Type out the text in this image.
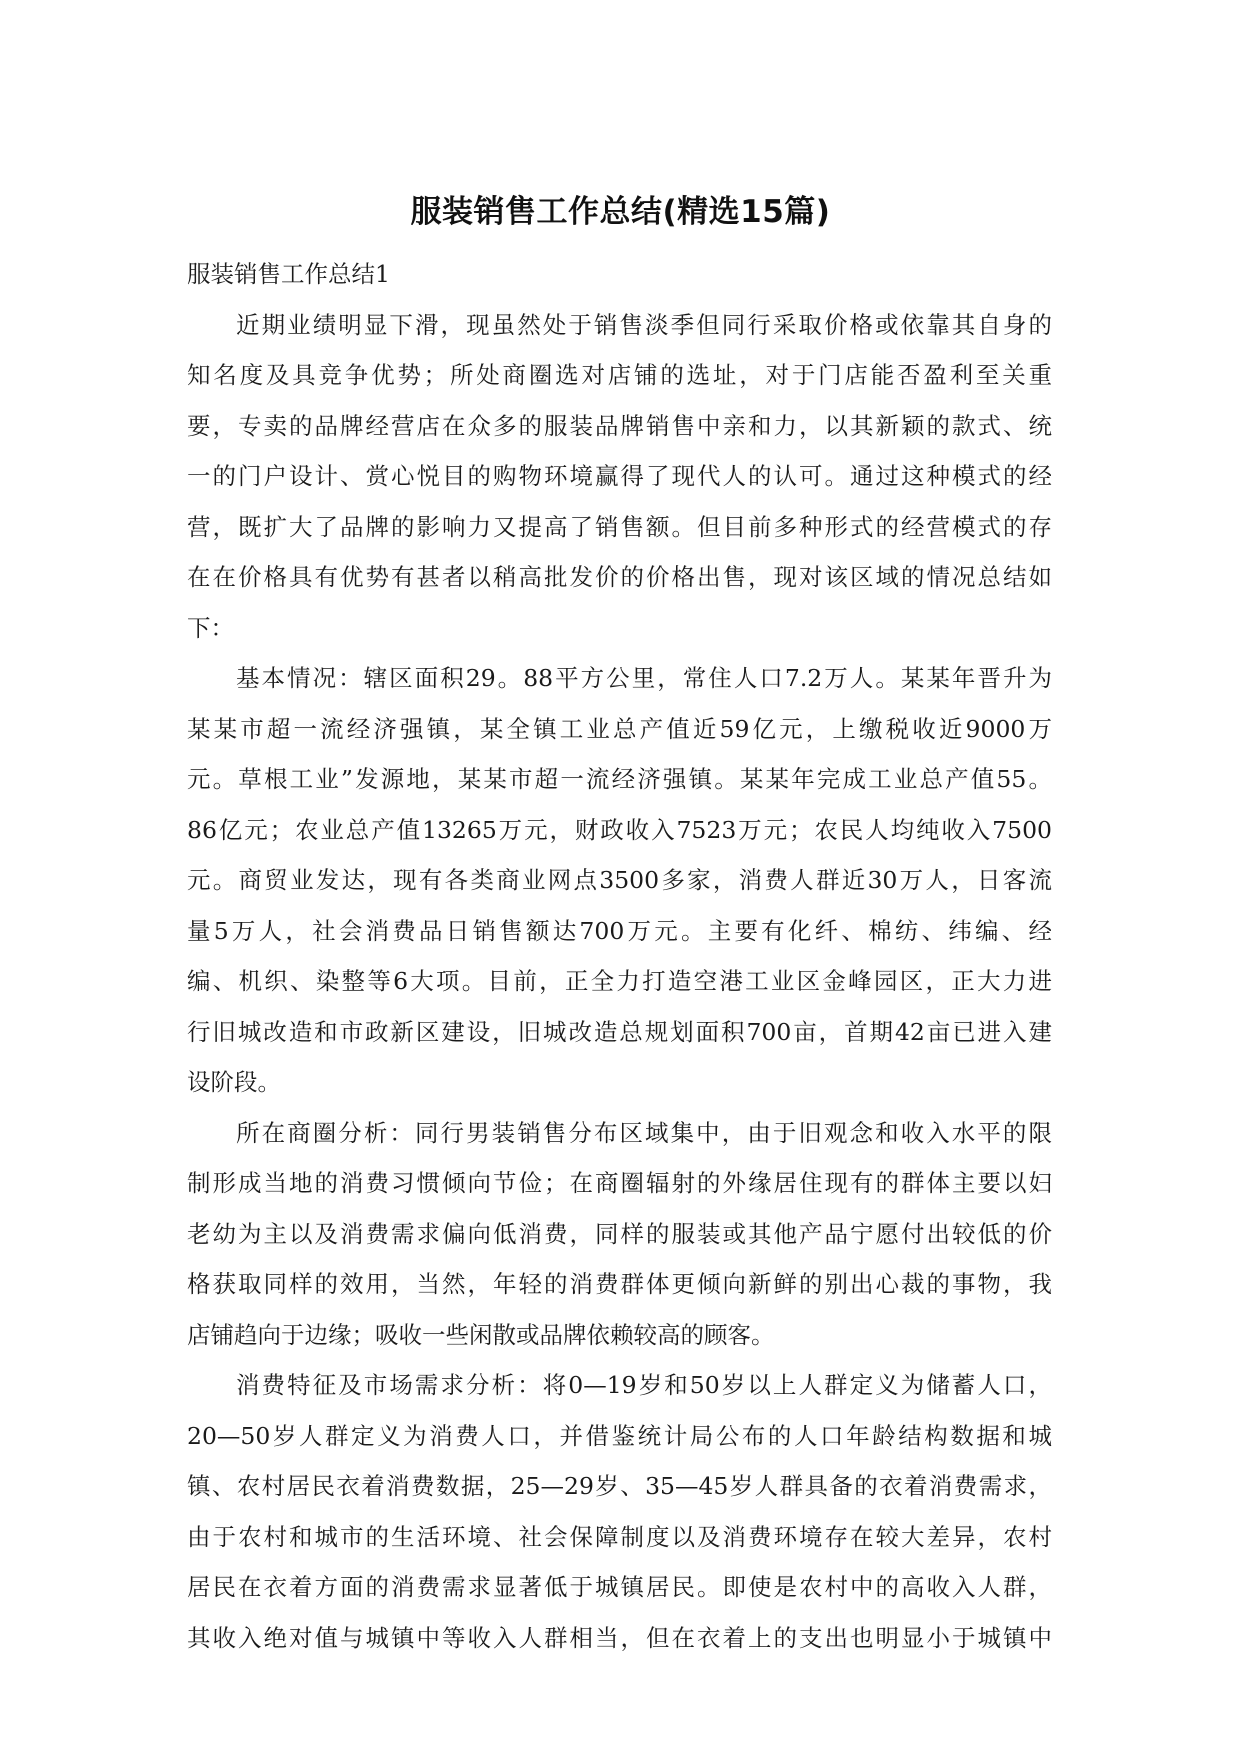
服装销售工作总结(精选15篇)
服装销售工作总结1
近期业绩明显下滑，现虽然处于销售淡季但同行采取价格或依靠其自身的
知名度及具竞争优势；所处商圈选对店铺的选址，对于门店能否盈利至关重
要，专卖的品牌经营店在众多的服装品牌销售中亲和力，以其新颖的款式、统
一的门户设计、赏心悦目的购物环境赢得了现代人的认可。通过这种模式的经
营，既扩大了品牌的影响力又提高了销售额。但目前多种形式的经营模式的存
在在价格具有优势有甚者以稍高批发价的价格出售，现对该区域的情况总结如
下：
基本情况：辖区面积29。88平方公里，常住人口7.2万人。某某年晋升为
某某市超一流经济强镇，某全镇工业总产值近59亿元，上缴税收近9000万
元。草根工业”发源地，某某市超一流经济强镇。某某年完成工业总产值55。
86亿元；农业总产值13265万元，财政收入7523万元；农民人均纯收入7500
元。商贸业发达，现有各类商业网点3500多家，消费人群近30万人，日客流
量5万人，社会消费品日销售额达700万元。主要有化纤、棉纺、纬编、经
编、机织、染整等6大项。目前，正全力打造空港工业区金峰园区，正大力进
行旧城改造和市政新区建设，旧城改造总规划面积700亩，首期42亩已进入建
设阶段。
所在商圈分析：同行男装销售分布区域集中，由于旧观念和收入水平的限
制形成当地的消费习惯倾向节俭；在商圈辐射的外缘居住现有的群体主要以妇
老幼为主以及消费需求偏向低消费，同样的服装或其他产品宁愿付出较低的价
格获取同样的效用，当然，年轻的消费群体更倾向新鲜的别出心裁的事物，我
店铺趋向于边缘；吸收一些闲散或品牌依赖较高的顾客。
消费特征及市场需求分析：将0—19岁和50岁以上人群定义为储蓄人口，
20—50岁人群定义为消费人口，并借鉴统计局公布的人口年龄结构数据和城
镇、农村居民衣着消费数据，25—29岁、35—45岁人群具备的衣着消费需求，
由于农村和城市的生活环境、社会保障制度以及消费环境存在较大差异，农村
居民在衣着方面的消费需求显著低于城镇居民。即使是农村中的高收入人群，
其收入绝对值与城镇中等收入人群相当，但在衣着上的支出也明显小于城镇中
